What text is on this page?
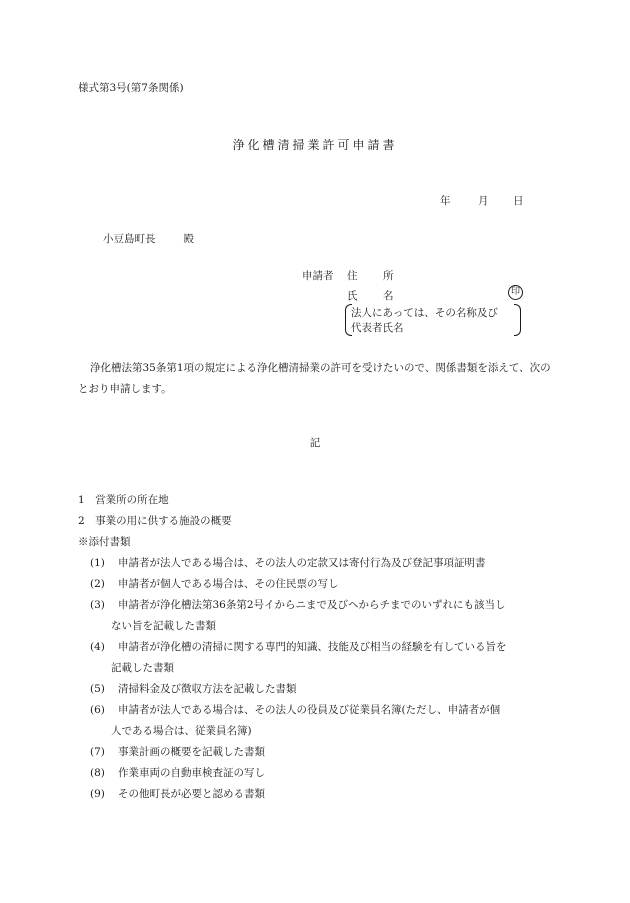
様式第3号(第7条関係)
浄化槽清掃業許可申請書
年	月 日
小豆島町長	殿
申請者 住 所
氏 名	印
法人にあっては、その名称及び
代表者氏名
浄化槽法第35条第1項の規定による浄化槽清掃業の許可を受けたいので、関係書類を添えて、次のとおり申請します。
記
1　営業所の所在地
2　事業の用に供する施設の概要
※添付書類
(1) 申請者が法人である場合は、その法人の定款又は寄付行為及び登記事項証明書
(2) 申請者が個人である場合は、その住民票の写し
(3) 申請者が浄化槽法第36条第2号イからニまで及びヘからチまでのいずれにも該当し
ない旨を記載した書類
(4) 申請者が浄化槽の清掃に関する専門的知識、技能及び相当の経験を有している旨を
記載した書類
(5) 清掃料金及び徴収方法を記載した書類
(6) 申請者が法人である場合は、その法人の役員及び従業員名簿(ただし、申請者が個
人である場合は、従業員名簿)
(7) 事業計画の概要を記載した書類
(8) 作業車両の自動車検査証の写し
(9) その他町長が必要と認める書類
